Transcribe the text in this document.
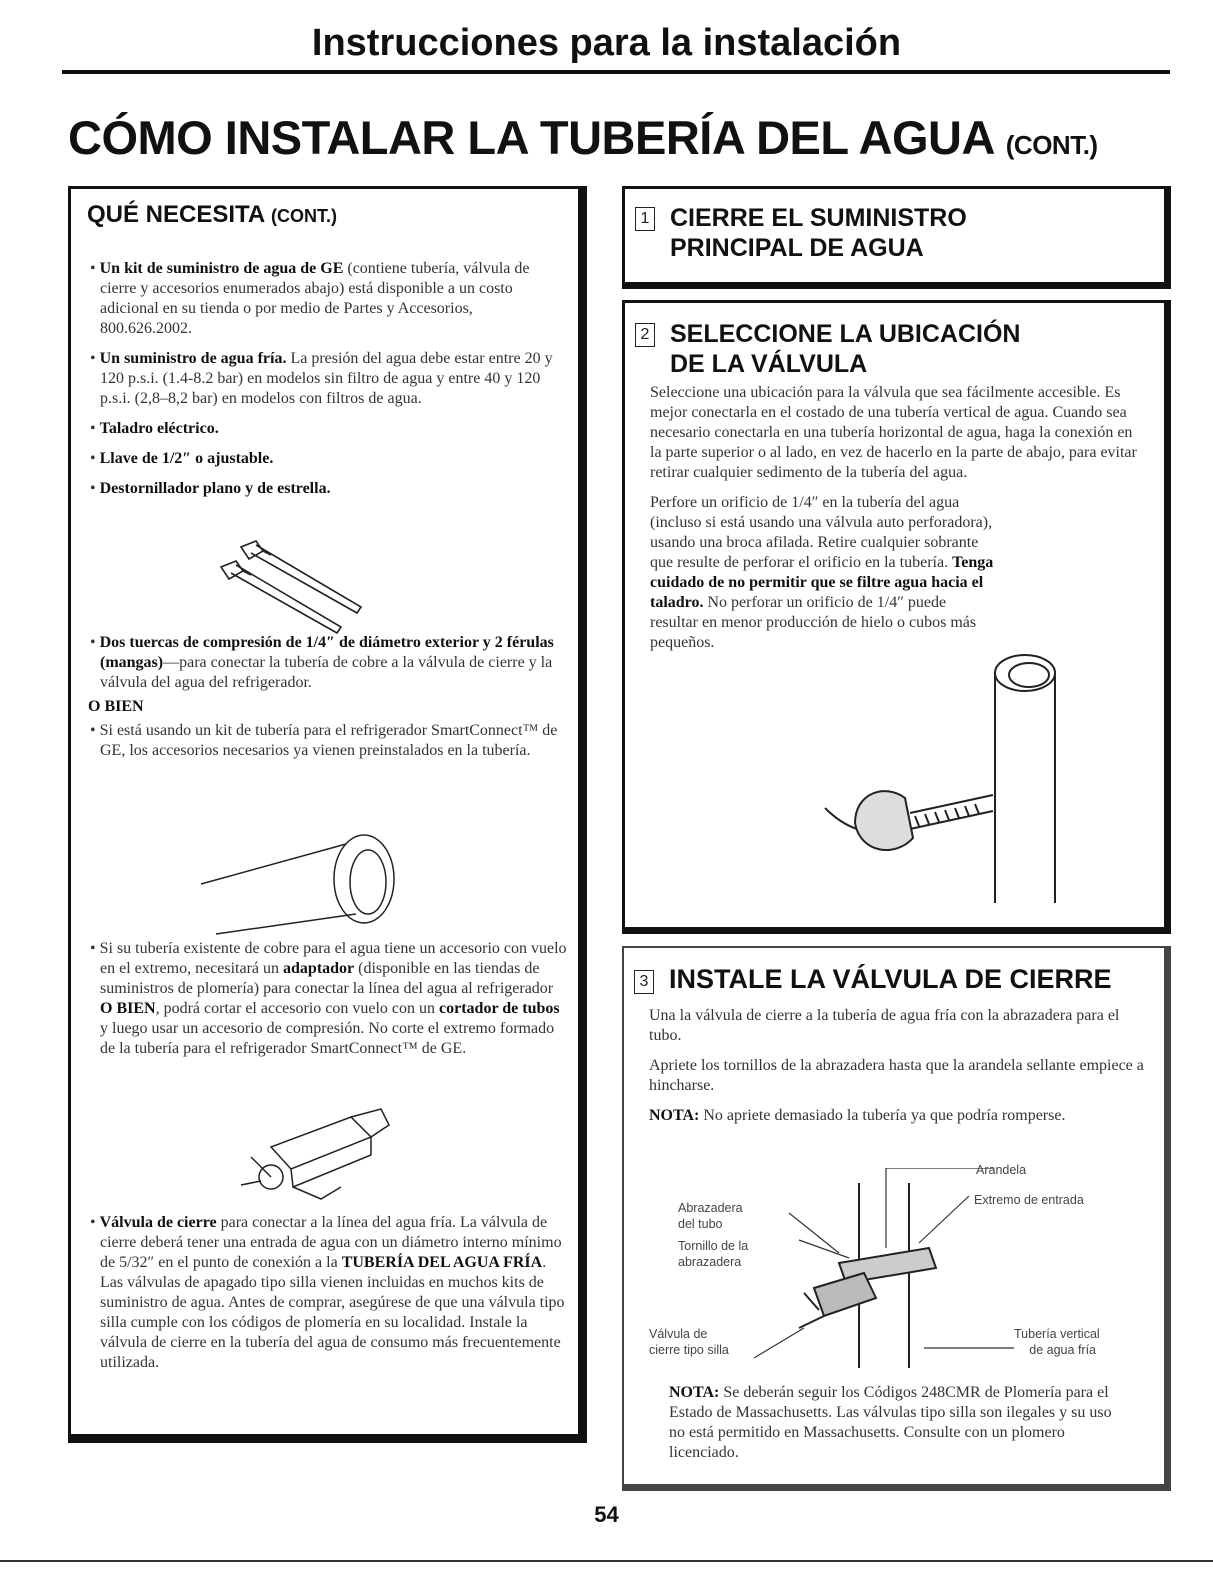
Instrucciones para la instalación
CÓMO INSTALAR LA TUBERÍA DEL AGUA (CONT.)
QUÉ NECESITA (CONT.)

• Un kit de suministro de agua de GE (contiene tubería, válvula de cierre y accesorios enumerados abajo) está disponible a un costo adicional en su tienda o por medio de Partes y Accesorios, 800.626.2002.

• Un suministro de agua fría. La presión del agua debe estar entre 20 y 120 p.s.i. (1.4-8.2 bar) en modelos sin filtro de agua y entre 40 y 120 p.s.i. (2,8–8,2 bar) en modelos con filtros de agua.

• Taladro eléctrico.

• Llave de 1/2″ o ajustable.

• Destornillador plano y de estrella.

• Dos tuercas de compresión de 1/4″ de diámetro exterior y 2 férulas (mangas)—para conectar la tubería de cobre a la válvula de cierre y la válvula del agua del refrigerador.

O BIEN

• Si está usando un kit de tubería para el refrigerador SmartConnect™ de GE, los accesorios necesarios ya vienen preinstalados en la tubería.

• Si su tubería existente de cobre para el agua tiene un accesorio con vuelo en el extremo, necesitará un adaptador (disponible en las tiendas de suministros de plomería) para conectar la línea del agua al refrigerador O BIEN, podrá cortar el accesorio con vuelo con un cortador de tubos y luego usar un accesorio de compresión. No corte el extremo formado de la tubería para el refrigerador SmartConnect™ de GE.

• Válvula de cierre para conectar a la línea del agua fría. La válvula de cierre deberá tener una entrada de agua con un diámetro interno mínimo de 5/32″ en el punto de conexión a la TUBERÍA DEL AGUA FRÍA. Las válvulas de apagado tipo silla vienen incluidas en muchos kits de suministro de agua. Antes de comprar, asegúrese de que una válvula tipo silla cumple con los códigos de plomería en su localidad. Instale la válvula de cierre en la tubería del agua de consumo más frecuentemente utilizada.

1 CIERRE EL SUMINISTRO
PRINCIPAL DE AGUA
2 SELECCIONE LA UBICACIÓN
DE LA VÁLVULA

Seleccione una ubicación para la válvula que sea fácilmente accesible. Es mejor conectarla en el costado de una tubería vertical de agua. Cuando sea necesario conectarla en una tubería horizontal de agua, haga la conexión en la parte superior o al lado, en vez de hacerlo en la parte de abajo, para evitar retirar cualquier sedimento de la tubería del agua.

Perfore un orificio de 1/4″ en la tubería del agua (incluso si está usando una válvula auto perforadora), usando una broca afilada. Retire cualquier sobrante que resulte de perforar el orificio en la tubería. Tenga cuidado de no permitir que se filtre agua hacia el taladro. No perforar un orificio de 1/4″ puede resultar en menor producción de hielo o cubos más pequeños.

3 INSTALE LA VÁLVULA DE CIERRE

Una la válvula de cierre a la tubería de agua fría con la abrazadera para el tubo.

Apriete los tornillos de la abrazadera hasta que la arandela sellante empiece a hincharse.

NOTA: No apriete demasiado la tubería ya que podría romperse.

Arandela
Extremo de entrada
Abrazadera
del tubo
Tornillo de la
abrazadera
Válvula de
cierre tipo silla
Tubería vertical
de agua fría

NOTA: Se deberán seguir los Códigos 248CMR de Plomería para el Estado de Massachusetts. Las válvulas tipo silla son ilegales y su uso no está permitido en Massachusetts. Consulte con un plomero licenciado.

54
